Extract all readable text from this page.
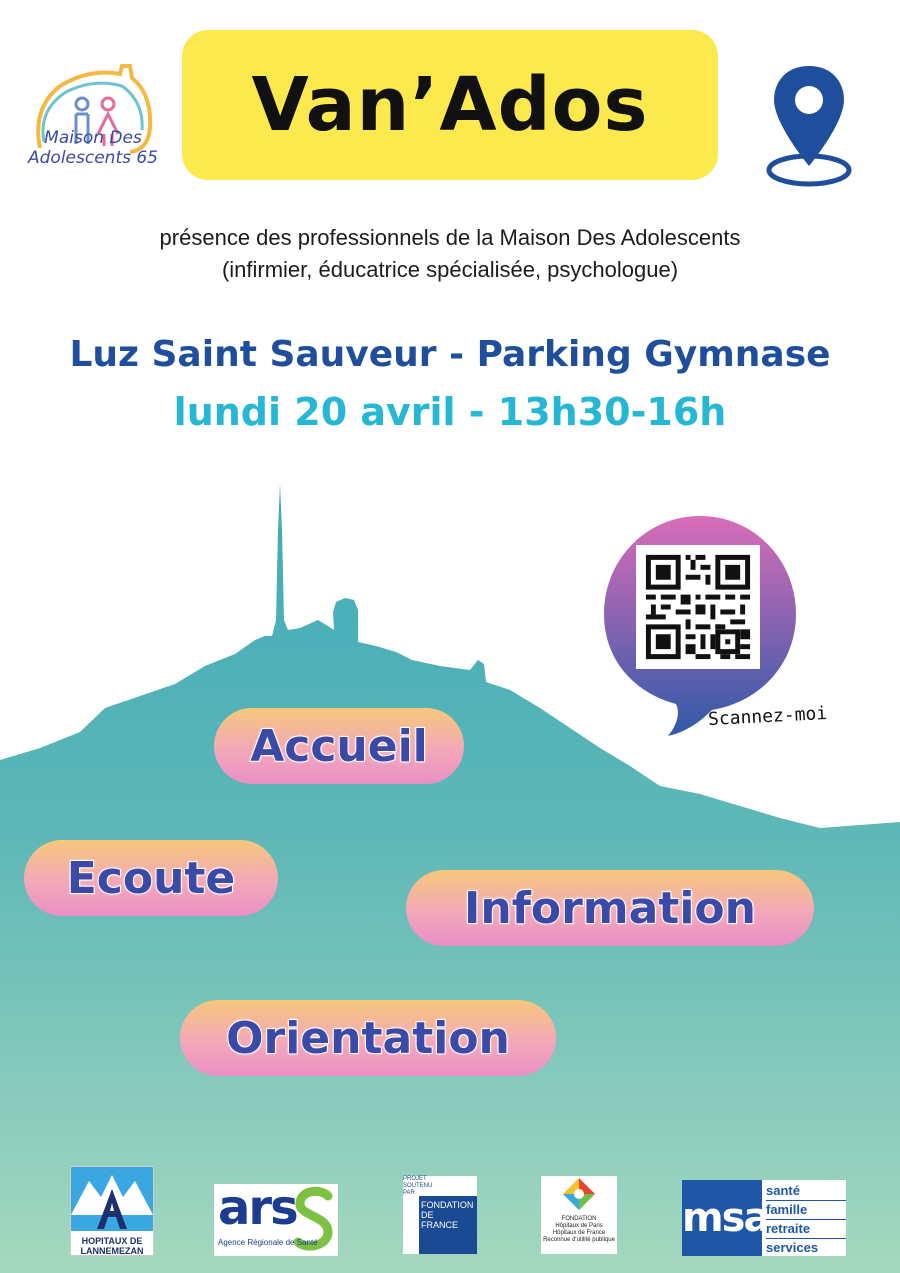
Maison Des
Adolescents 65
Van’Ados
présence des professionnels de la Maison Des Adolescents
(infirmier, éducatrice spécialisée, psychologue)
Luz Saint Sauveur - Parking Gymnase
lundi 20 avril - 13h30-16h
Scannez-moi
Accueil
Ecoute
Information
Orientation
HOPITAUX DE
LANNEMEZAN
ars
Agence Régionale de Santé
PROJET SOUTENU PAR
FONDATION
DE
FRANCE
FONDATION
Hôpitaux de Paris
Hôpitaux de France
Reconnue d'utilité publique msa
santé
famille
retraite
services
